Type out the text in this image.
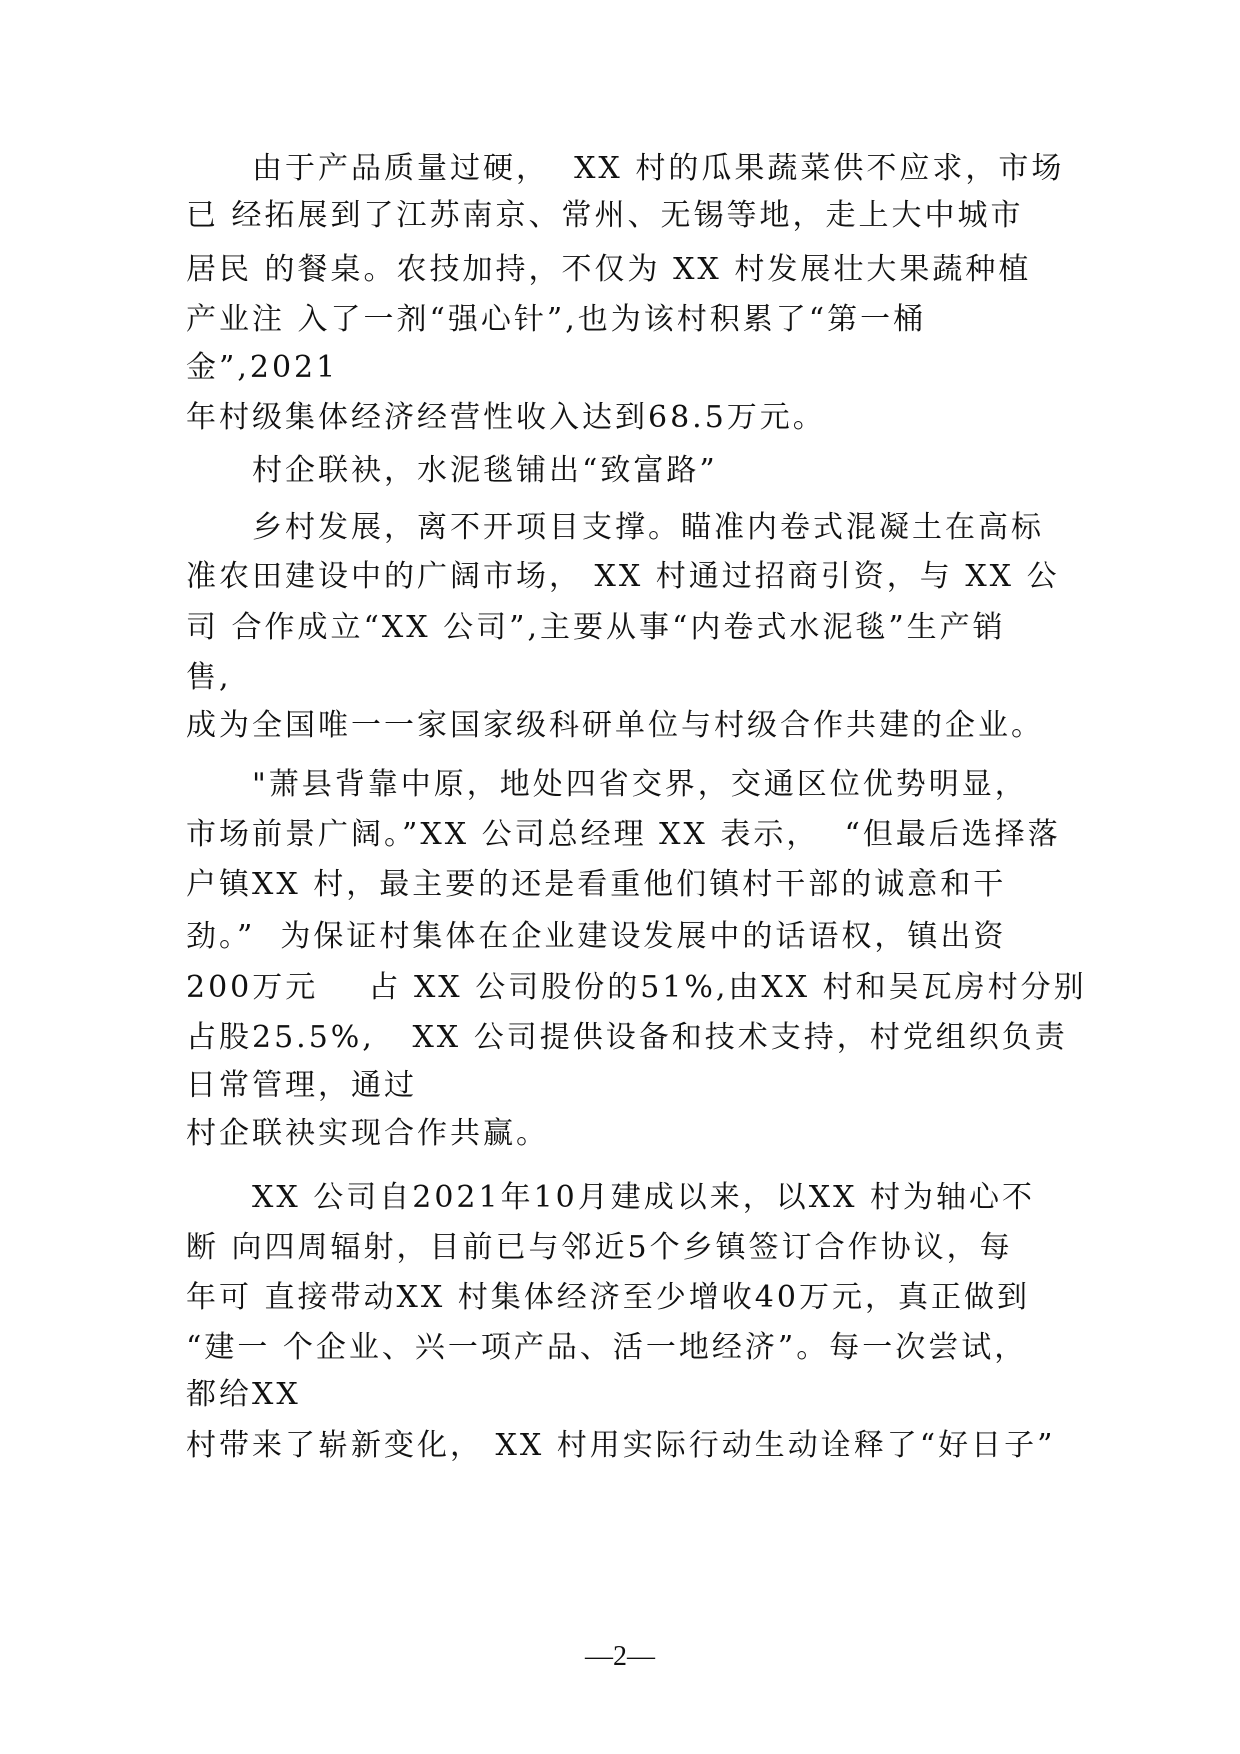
　　由于产品质量过硬，  XX 村的瓜果蔬菜供不应求，市场
已 经拓展到了江苏南京、常州、无锡等地，走上大中城市
居民 的餐桌。农技加持，不仅为 XX 村发展壮大果蔬种植
产业注 入了一剂“强心针”,也为该村积累了“第一桶
金”,2021
年村级集体经济经营性收入达到68.5万元。
　　村企联袂，水泥毯铺出“致富路”
　　乡村发展，离不开项目支撑。瞄准内卷式混凝土在高标
准农田建设中的广阔市场， XX 村通过招商引资，与 XX 公
司 合作成立“XX 公司”,主要从事“内卷式水泥毯”生产销
售,
成为全国唯一一家国家级科研单位与村级合作共建的企业。
　　"萧县背靠中原，地处四省交界，交通区位优势明显，
市场前景广阔。”XX 公司总经理 XX 表示，  “但最后选择落
户镇XX 村，最主要的还是看重他们镇村干部的诚意和干
劲。”  为保证村集体在企业建设发展中的话语权，镇出资
200万元    占 XX 公司股份的51%,由XX 村和吴瓦房村分别
占股25.5%,   XX 公司提供设备和技术支持，村党组织负责
日常管理，通过
村企联袂实现合作共赢。
　　XX 公司自2021年10月建成以来，以XX 村为轴心不
断 向四周辐射，目前已与邻近5个乡镇签订合作协议，每
年可 直接带动XX 村集体经济至少增收40万元，真正做到
“建一 个企业、兴一项产品、活一地经济”。每一次尝试，
都给XX
村带来了崭新变化， XX 村用实际行动生动诠释了“好日子”
—2—
